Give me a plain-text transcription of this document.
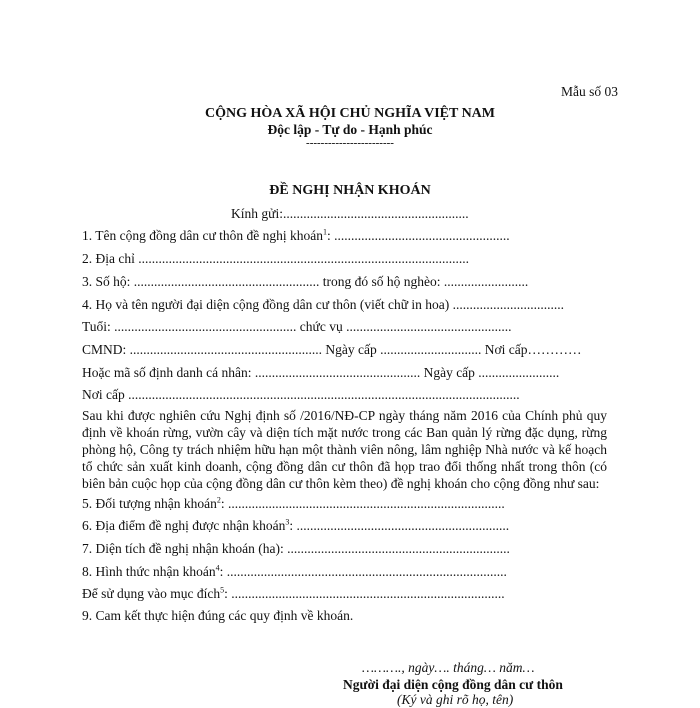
Mẫu số 03
CỘNG HÒA XÃ HỘI CHỦ NGHĨA VIỆT NAM
Độc lập - Tự do - Hạnh phúc
------------------------
ĐỀ NGHỊ NHẬN KHOÁN
Kính gửi:.......................................................
1. Tên cộng đồng dân cư thôn đề nghị khoán$^1$: ....................................................
2. Địa chỉ ..................................................................................................
3. Số hộ: ....................................................... trong đó số hộ nghèo: .........................
4. Họ và tên người đại diện cộng đồng dân cư thôn (viết chữ in hoa) .................................
Tuổi: ...................................................... chức vụ .................................................
CMND: ......................................................... Ngày cấp .............................. Nơi cấp…………
Hoặc mã số định danh cá nhân: ................................................. Ngày cấp ........................
Nơi cấp ....................................................................................................................
Sau khi được nghiên cứu Nghị định số /2016/NĐ-CP ngày tháng năm 2016 của Chính phủ quy định về khoán rừng, vườn cây và diện tích mặt nước trong các Ban quản lý rừng đặc dụng, rừng phòng hộ, Công ty trách nhiệm hữu hạn một thành viên nông, lâm nghiệp Nhà nước và kế hoạch tổ chức sản xuất kinh doanh, cộng đồng dân cư thôn đã họp trao đổi thống nhất trong thôn (có biên bản cuộc họp của cộng đồng dân cư thôn kèm theo) đề nghị khoán cho cộng đồng như sau:
5. Đối tượng nhận khoán$^2$: ..................................................................................
6. Địa điểm đề nghị được nhận khoán$^3$: ...............................................................
7. Diện tích đề nghị nhận khoán (ha): ..................................................................
8. Hình thức nhận khoán$^4$: ...................................................................................
Để sử dụng vào mục đích$^5$: .................................................................................
9. Cam kết thực hiện đúng các quy định về khoán.
………., ngày…. tháng… năm…
Người đại diện cộng đồng dân cư thôn
(Ký và ghi rõ họ, tên)
